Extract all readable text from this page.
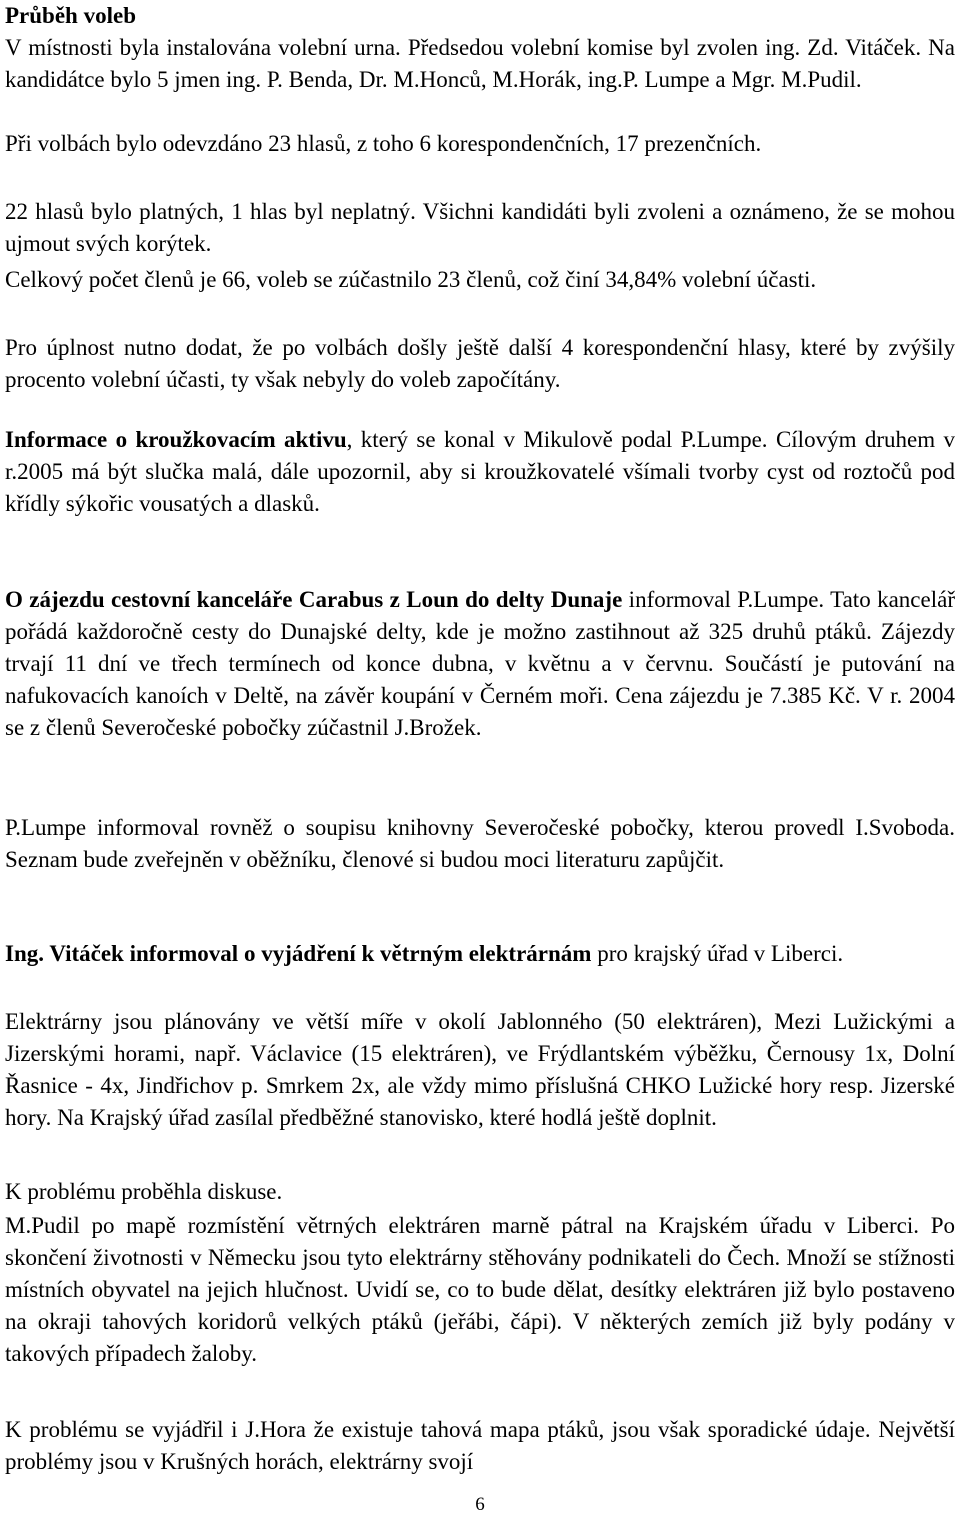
Průběh voleb

V místnosti byla instalována volební urna. Předsedou volební komise byl zvolen ing. Zd. Vitáček. Na kandidátce bylo 5 jmen ing. P. Benda, Dr. M.Honců, M.Horák, ing.P. Lumpe a Mgr. M.Pudil.

Při volbách bylo odevzdáno 23 hlasů, z toho 6 korespondenčních, 17 prezenčních.

22 hlasů bylo platných, 1 hlas byl neplatný. Všichni kandidáti byli zvoleni a oznámeno, že se mohou ujmout svých korýtek.

Celkový počet členů je 66, voleb se zúčastnilo 23 členů, což činí 34,84% volební účasti.

Pro úplnost nutno dodat, že po volbách došly ještě další 4 korespondenční hlasy, které by zvýšily procento volební účasti, ty však nebyly do voleb započítány.

Informace o kroužkovacím aktivu, který se konal v Mikulově podal P.Lumpe. Cílovým druhem v r.2005 má být slučka malá, dále upozornil, aby si kroužkovatelé všímali tvorby cyst od roztočů pod křídly sýkořic vousatých a dlasků.

O zájezdu cestovní kanceláře Carabus z Loun do delty Dunaje informoval P.Lumpe. Tato kancelář pořádá každoročně cesty do Dunajské delty, kde je možno zastihnout až 325 druhů ptáků. Zájezdy trvají 11 dní ve třech termínech od konce dubna, v květnu a v červnu. Součástí je putování na nafukovacích kanoích v Deltě, na závěr koupání v Černém moři. Cena zájezdu je 7.385 Kč. V r. 2004 se z členů Severočeské pobočky zúčastnil J.Brožek.

P.Lumpe informoval rovněž o soupisu knihovny Severočeské pobočky, kterou provedl I.Svoboda. Seznam bude zveřejněn v oběžníku, členové si budou moci literaturu zapůjčit.

Ing. Vitáček informoval o vyjádření k větrným elektrárnám pro krajský úřad v Liberci.

Elektrárny jsou plánovány ve větší míře v okolí Jablonného (50 elektráren), Mezi Lužickými a Jizerskými horami, např. Václavice (15 elektráren), ve Frýdlantském výběžku, Černousy 1x, Dolní Řasnice - 4x, Jindřichov p. Smrkem 2x, ale vždy mimo příslušná CHKO Lužické hory resp. Jizerské hory. Na Krajský úřad zasílal předběžné stanovisko, které hodlá ještě doplnit.

K problému proběhla diskuse.

M.Pudil po mapě rozmístění větrných elektráren marně pátral na Krajském úřadu v Liberci. Po skončení životnosti v Německu jsou tyto elektrárny stěhovány podnikateli do Čech. Množí se stížnosti místních obyvatel na jejich hlučnost. Uvidí se, co to bude dělat, desítky elektráren již bylo postaveno na okraji tahových koridorů velkých ptáků (jeřábi, čápi). V některých zemích již byly podány v takových případech žaloby.

K problému se vyjádřil i J.Hora že existuje tahová mapa ptáků, jsou však sporadické údaje. Největší problémy jsou v Krušných horách, elektrárny svojí

6
